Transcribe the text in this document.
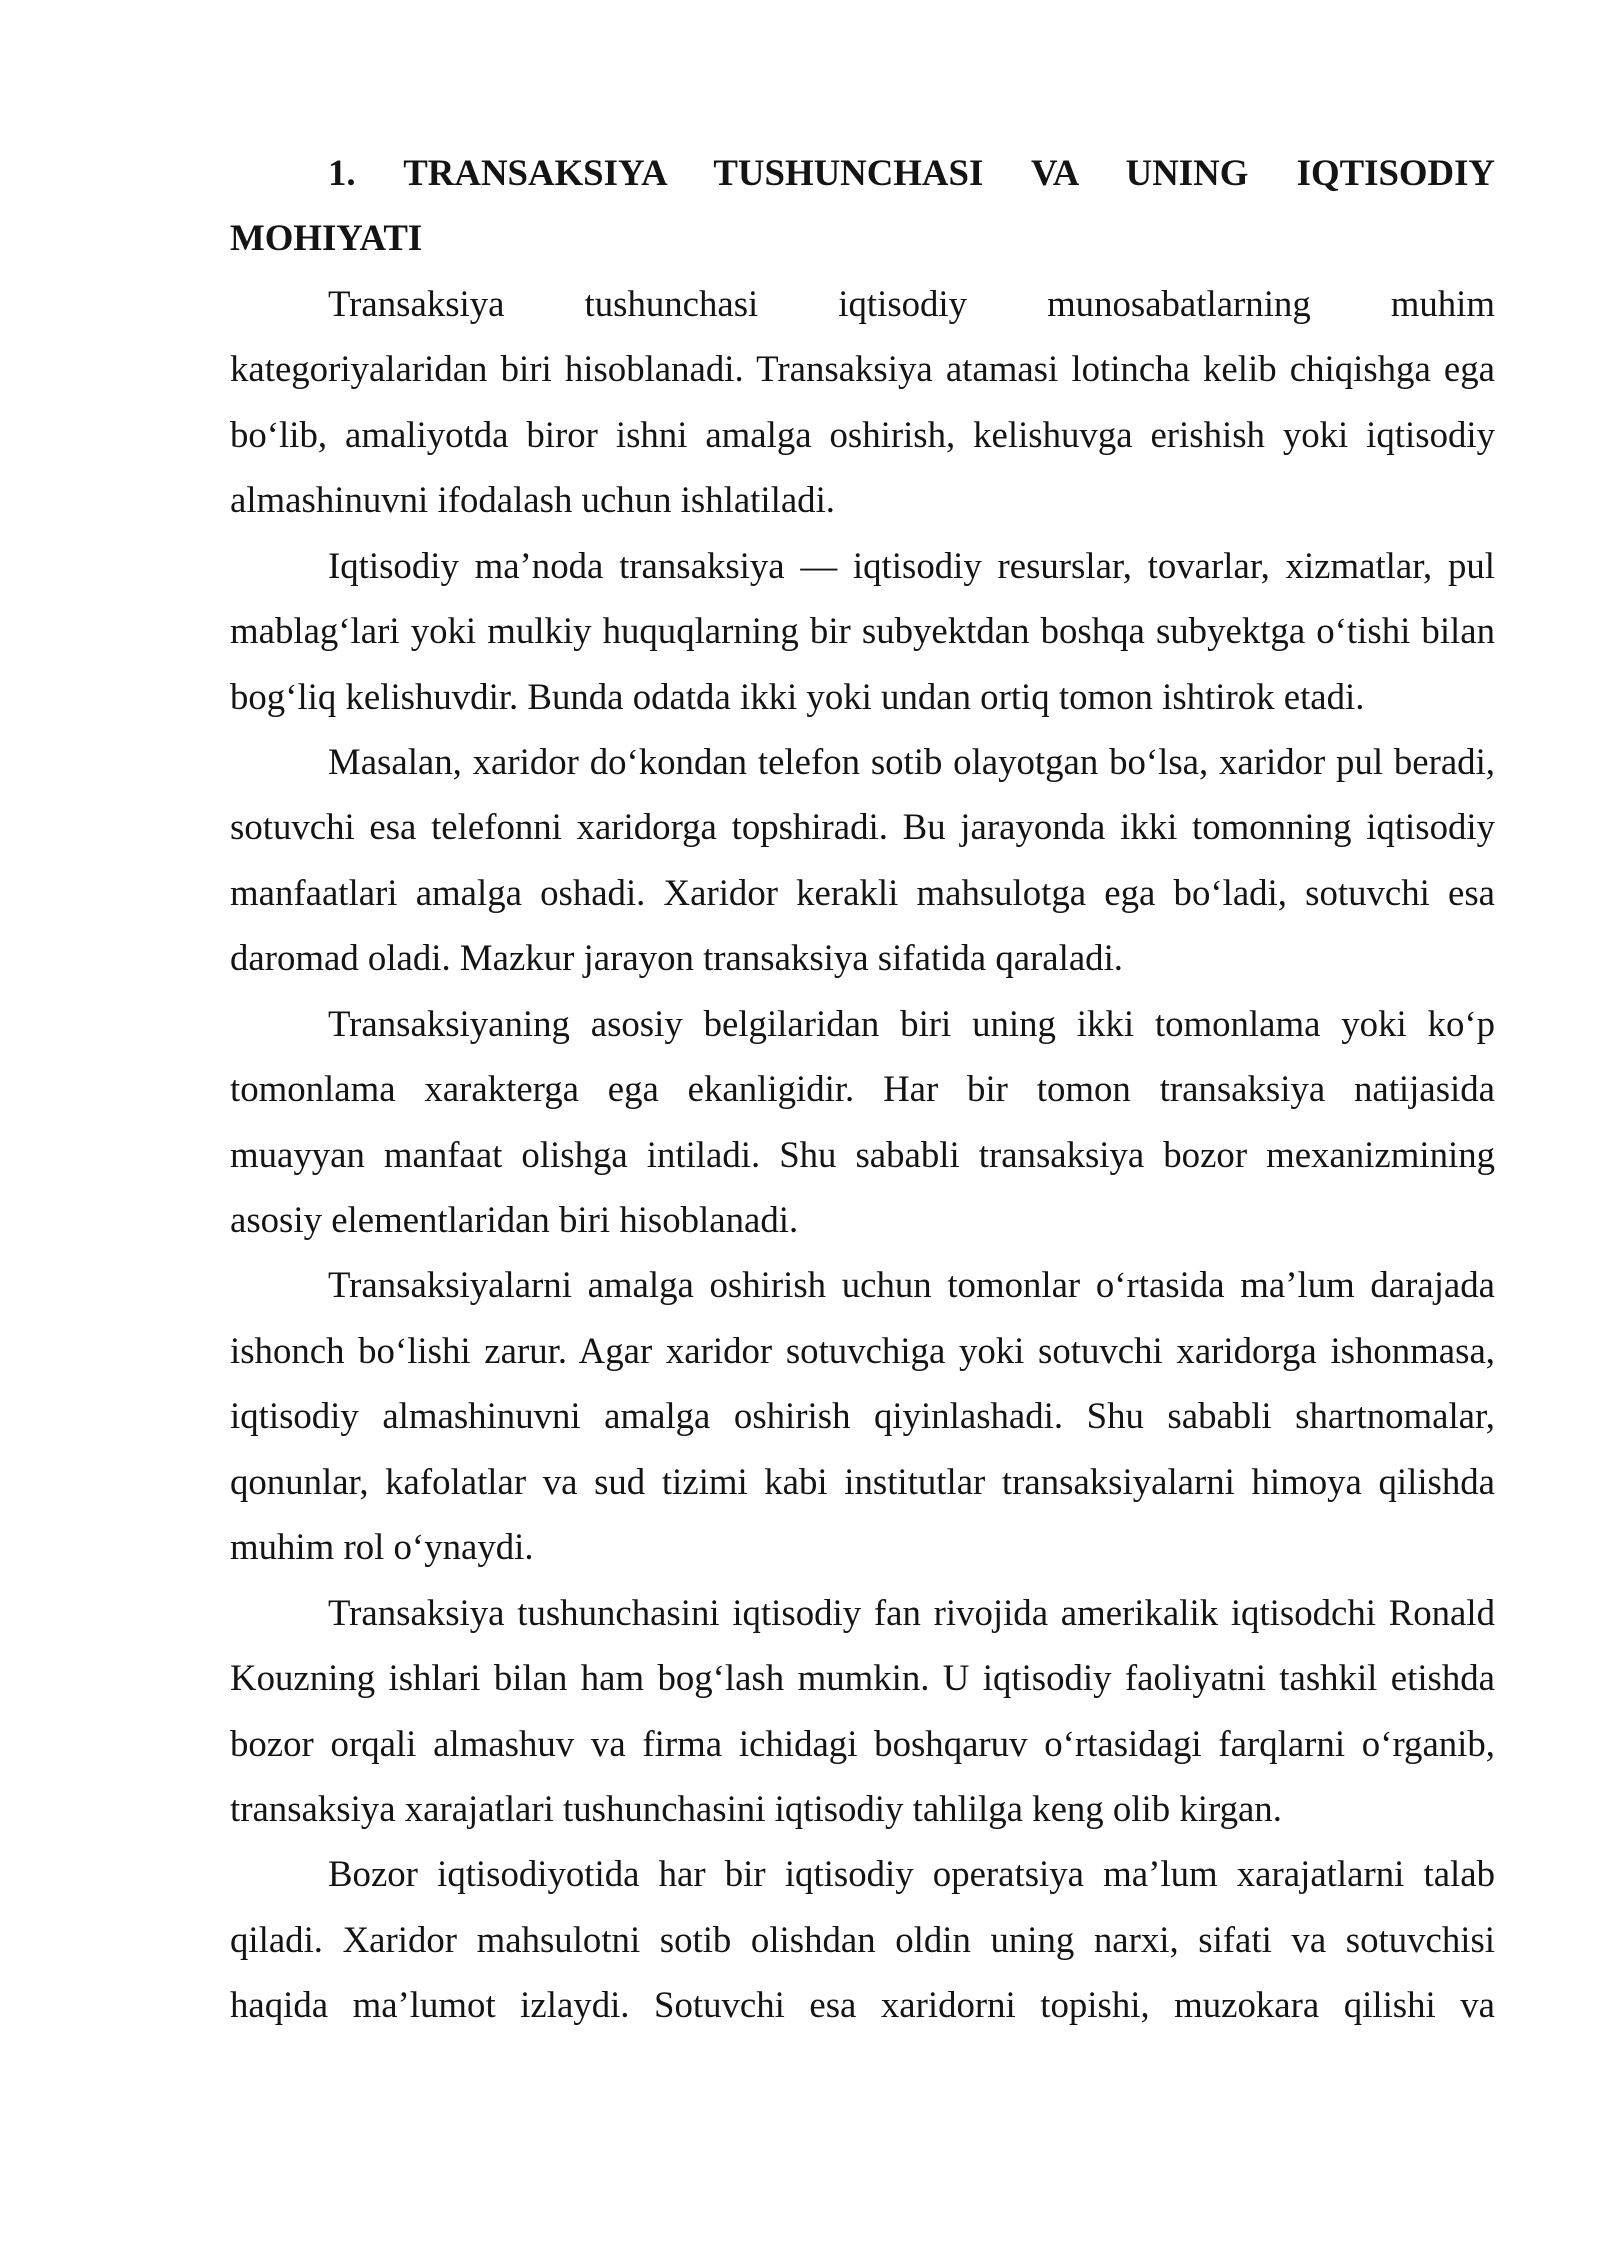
1. TRANSAKSIYA TUSHUNCHASI VA UNING IQTISODIY
MOHIYATI
Transaksiya tushunchasi iqtisodiy munosabatlarning muhim
kategoriyalaridan biri hisoblanadi. Transaksiya atamasi lotincha kelib chiqishga ega
bo‘lib, amaliyotda biror ishni amalga oshirish, kelishuvga erishish yoki iqtisodiy
almashinuvni ifodalash uchun ishlatiladi.
Iqtisodiy ma’noda transaksiya — iqtisodiy resurslar, tovarlar, xizmatlar, pul
mablag‘lari yoki mulkiy huquqlarning bir subyektdan boshqa subyektga o‘tishi bilan
bog‘liq kelishuvdir. Bunda odatda ikki yoki undan ortiq tomon ishtirok etadi.
Masalan, xaridor do‘kondan telefon sotib olayotgan bo‘lsa, xaridor pul beradi,
sotuvchi esa telefonni xaridorga topshiradi. Bu jarayonda ikki tomonning iqtisodiy
manfaatlari amalga oshadi. Xaridor kerakli mahsulotga ega bo‘ladi, sotuvchi esa
daromad oladi. Mazkur jarayon transaksiya sifatida qaraladi.
Transaksiyaning asosiy belgilaridan biri uning ikki tomonlama yoki ko‘p
tomonlama xarakterga ega ekanligidir. Har bir tomon transaksiya natijasida
muayyan manfaat olishga intiladi. Shu sababli transaksiya bozor mexanizmining
asosiy elementlaridan biri hisoblanadi.
Transaksiyalarni amalga oshirish uchun tomonlar o‘rtasida ma’lum darajada
ishonch bo‘lishi zarur. Agar xaridor sotuvchiga yoki sotuvchi xaridorga ishonmasa,
iqtisodiy almashinuvni amalga oshirish qiyinlashadi. Shu sababli shartnomalar,
qonunlar, kafolatlar va sud tizimi kabi institutlar transaksiyalarni himoya qilishda
muhim rol o‘ynaydi.
Transaksiya tushunchasini iqtisodiy fan rivojida amerikalik iqtisodchi Ronald
Kouzning ishlari bilan ham bog‘lash mumkin. U iqtisodiy faoliyatni tashkil etishda
bozor orqali almashuv va firma ichidagi boshqaruv o‘rtasidagi farqlarni o‘rganib,
transaksiya xarajatlari tushunchasini iqtisodiy tahlilga keng olib kirgan.
Bozor iqtisodiyotida har bir iqtisodiy operatsiya ma’lum xarajatlarni talab
qiladi. Xaridor mahsulotni sotib olishdan oldin uning narxi, sifati va sotuvchisi
haqida ma’lumot izlaydi. Sotuvchi esa xaridorni topishi, muzokara qilishi va
